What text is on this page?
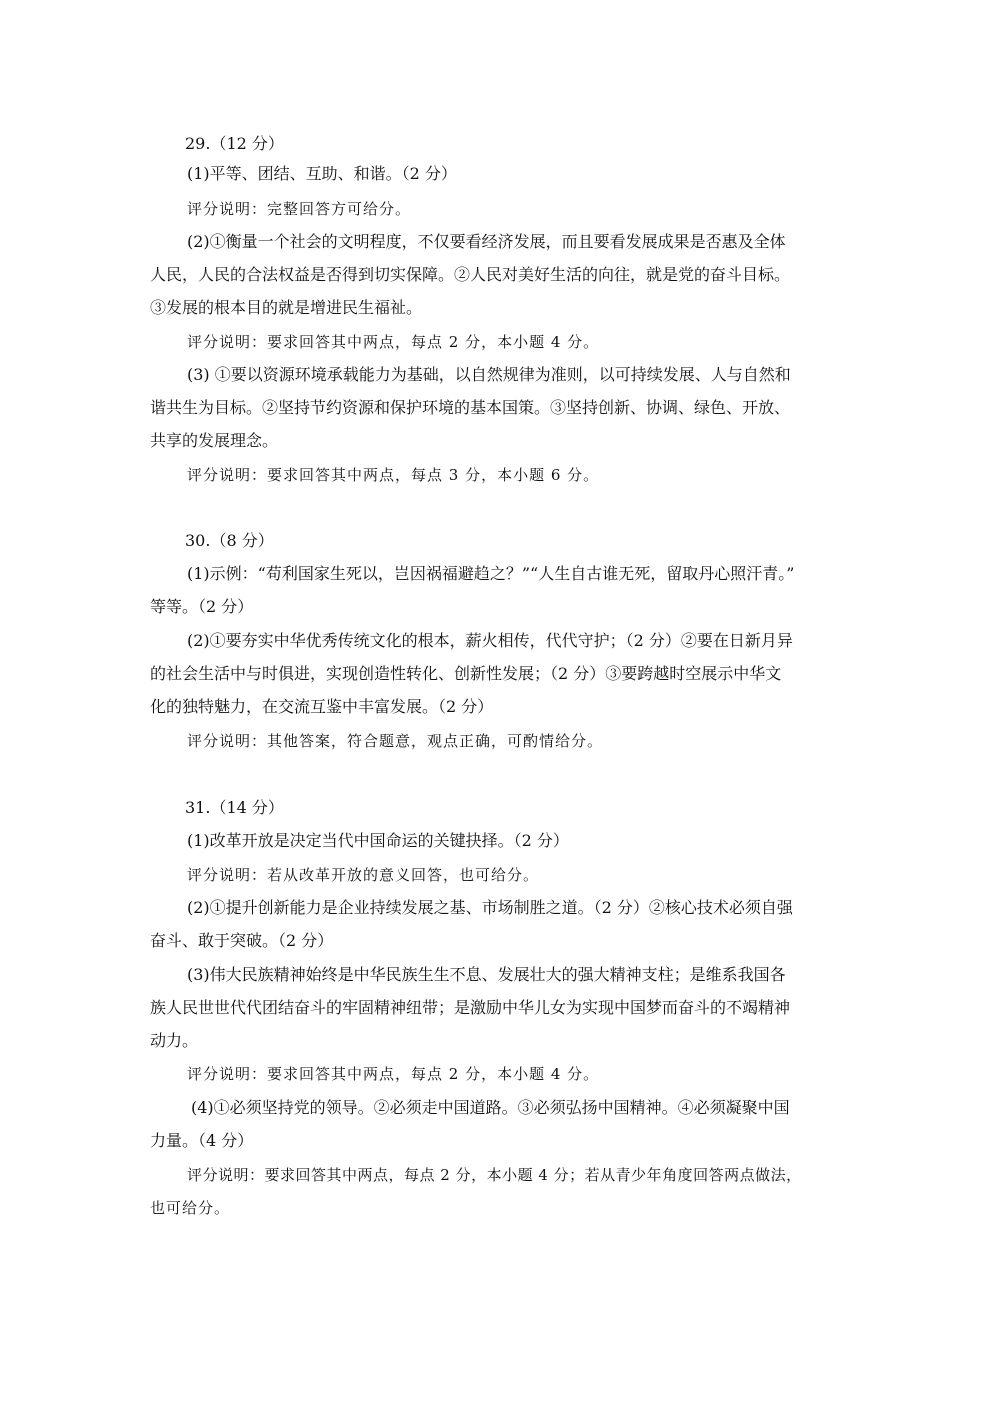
29.（12 分）
(1)平等、团结、互助、和谐。（2 分）
评分说明：完整回答方可给分。
(2)①衡量一个社会的文明程度，不仅要看经济发展，而且要看发展成果是否惠及全体
人民，人民的合法权益是否得到切实保障。②人民对美好生活的向往，就是党的奋斗目标。
③发展的根本目的就是增进民生福祉。
评分说明：要求回答其中两点，每点 2 分，本小题 4 分。
(3) ①要以资源环境承载能力为基础，以自然规律为准则，以可持续发展、人与自然和
谐共生为目标。②坚持节约资源和保护环境的基本国策。③坚持创新、协调、绿色、开放、
共享的发展理念。
评分说明：要求回答其中两点，每点 3 分，本小题 6 分。
30.（8 分）
(1)示例：“苟利国家生死以，岂因祸福避趋之？”“人生自古谁无死，留取丹心照汗青。”
等等。（2 分）
(2)①要夯实中华优秀传统文化的根本，薪火相传，代代守护；（2 分）②要在日新月异
的社会生活中与时俱进，实现创造性转化、创新性发展；（2 分）③要跨越时空展示中华文
化的独特魅力，在交流互鉴中丰富发展。（2 分）
评分说明：其他答案，符合题意，观点正确，可酌情给分。
31.（14 分）
(1)改革开放是决定当代中国命运的关键抉择。（2 分）
评分说明：若从改革开放的意义回答，也可给分。
(2)①提升创新能力是企业持续发展之基、市场制胜之道。（2 分）②核心技术必须自强
奋斗、敢于突破。（2 分）
(3)伟大民族精神始终是中华民族生生不息、发展壮大的强大精神支柱；是维系我国各
族人民世世代代团结奋斗的牢固精神纽带；是激励中华儿女为实现中国梦而奋斗的不竭精神
动力。
评分说明：要求回答其中两点，每点 2 分，本小题 4 分。
(4)①必须坚持党的领导。②必须走中国道路。③必须弘扬中国精神。④必须凝聚中国
力量。（4 分）
评分说明：要求回答其中两点，每点 2 分，本小题 4 分；若从青少年角度回答两点做法，
也可给分。
